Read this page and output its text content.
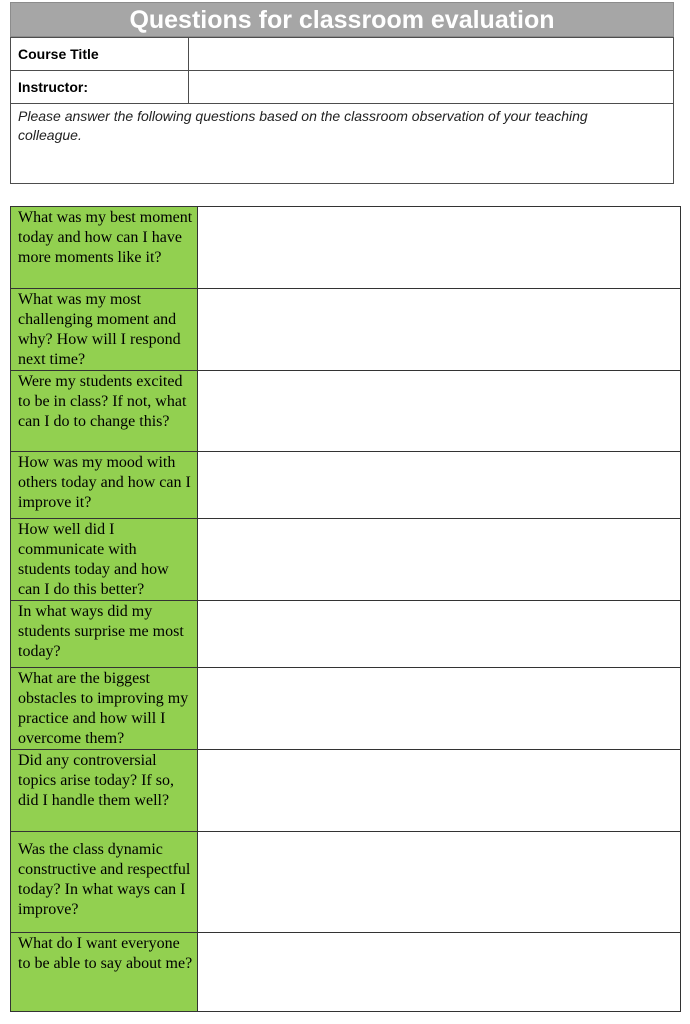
Questions for classroom evaluation
Course Title	
Instructor:	

Please answer the following questions based on the classroom observation of your teaching colleague.	
What was my best moment today and how can I have more moments like it?	
What was my most challenging moment and why? How will I respond next time?	
Were my students excited to be in class? If not, what can I do to change this?	
How was my mood with others today and how can I improve it?	
How well did I communicate with students today and how can I do this better?	
In what ways did my students surprise me most today?	
What are the biggest obstacles to improving my practice and how will I overcome them?	
Did any controversial topics arise today? If so, did I handle them well?	
Was the class dynamic constructive and respectful today? In what ways can I improve?	
What do I want everyone to be able to say about me?	
